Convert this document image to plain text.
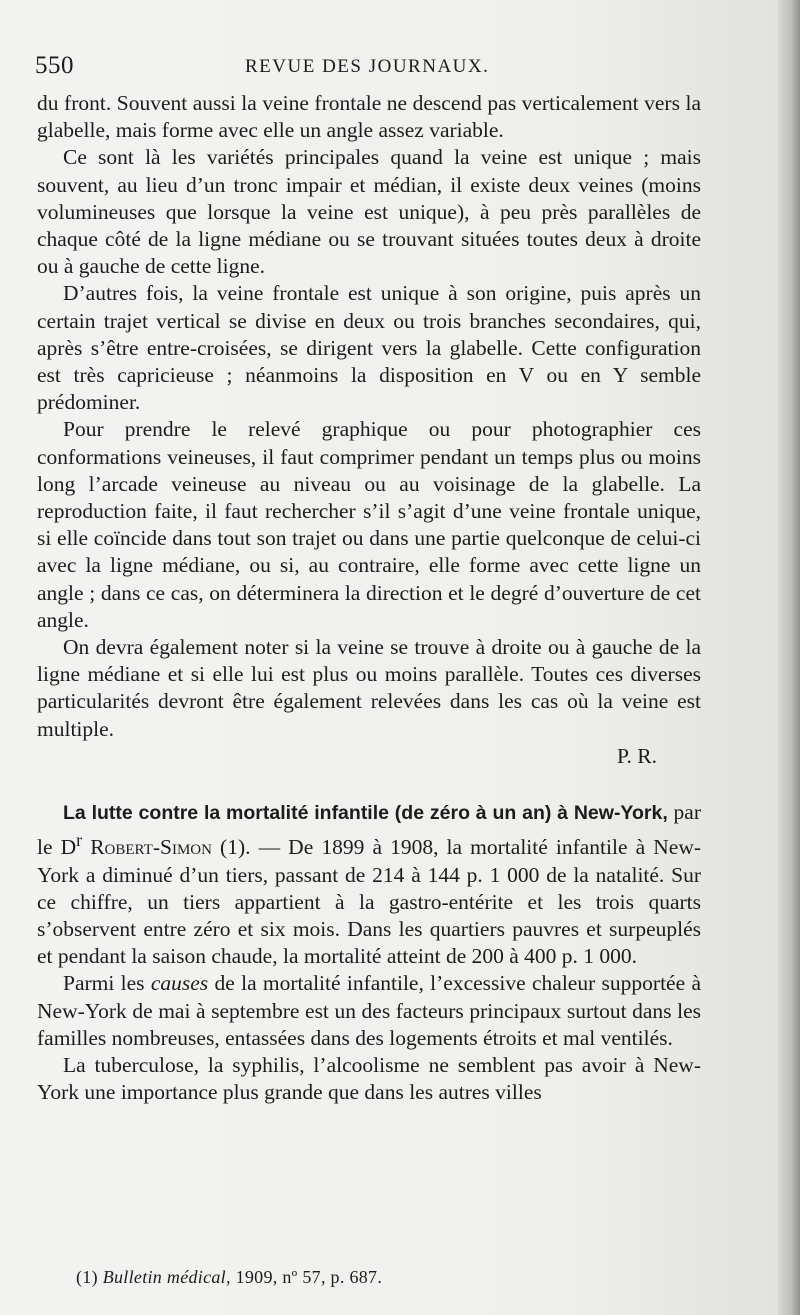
550	REVUE DES JOURNAUX.

du front. Souvent aussi la veine frontale ne descend pas verticalement vers la glabelle, mais forme avec elle un angle assez variable.

Ce sont là les variétés principales quand la veine est unique ; mais souvent, au lieu d’un tronc impair et médian, il existe deux veines (moins volumineuses que lorsque la veine est unique), à peu près parallèles de chaque côté de la ligne médiane ou se trouvant situées toutes deux à droite ou à gauche de cette ligne.

D’autres fois, la veine frontale est unique à son origine, puis après un certain trajet vertical se divise en deux ou trois branches secondaires, qui, après s’être entre-croisées, se dirigent vers la glabelle. Cette configuration est très capricieuse ; néanmoins la disposition en V ou en Y semble prédominer.

Pour prendre le relevé graphique ou pour photographier ces conformations veineuses, il faut comprimer pendant un temps plus ou moins long l’arcade veineuse au niveau ou au voisinage de la glabelle. La reproduction faite, il faut rechercher s’il s’agit d’une veine frontale unique, si elle coïncide dans tout son trajet ou dans une partie quelconque de celui-ci avec la ligne médiane, ou si, au contraire, elle forme avec cette ligne un angle ; dans ce cas, on déterminera la direction et le degré d’ouverture de cet angle.

On devra également noter si la veine se trouve à droite ou à gauche de la ligne médiane et si elle lui est plus ou moins parallèle. Toutes ces diverses particularités devront être également relevées dans les cas où la veine est multiple.

P. R.

La lutte contre la mortalité infantile (de zéro à un an) à New-York, par le $D^r$ Robert-Simon (1). — De 1899 à 1908, la mortalité infantile à New-York a diminué d’un tiers, passant de 214 à 144 p. 1 000 de la natalité. Sur ce chiffre, un tiers appartient à la gastro-entérite et les trois quarts s’observent entre zéro et six mois. Dans les quartiers pauvres et surpeuplés et pendant la saison chaude, la mortalité atteint de 200 à 400 p. 1 000.

Parmi les causes de la mortalité infantile, l’excessive chaleur supportée à New-York de mai à septembre est un des facteurs principaux surtout dans les familles nombreuses, entassées dans des logements étroits et mal ventilés.

La tuberculose, la syphilis, l’alcoolisme ne semblent pas avoir à New-York une importance plus grande que dans les autres villes

(1) Bulletin médical, 1909, nº 57, p. 687.
